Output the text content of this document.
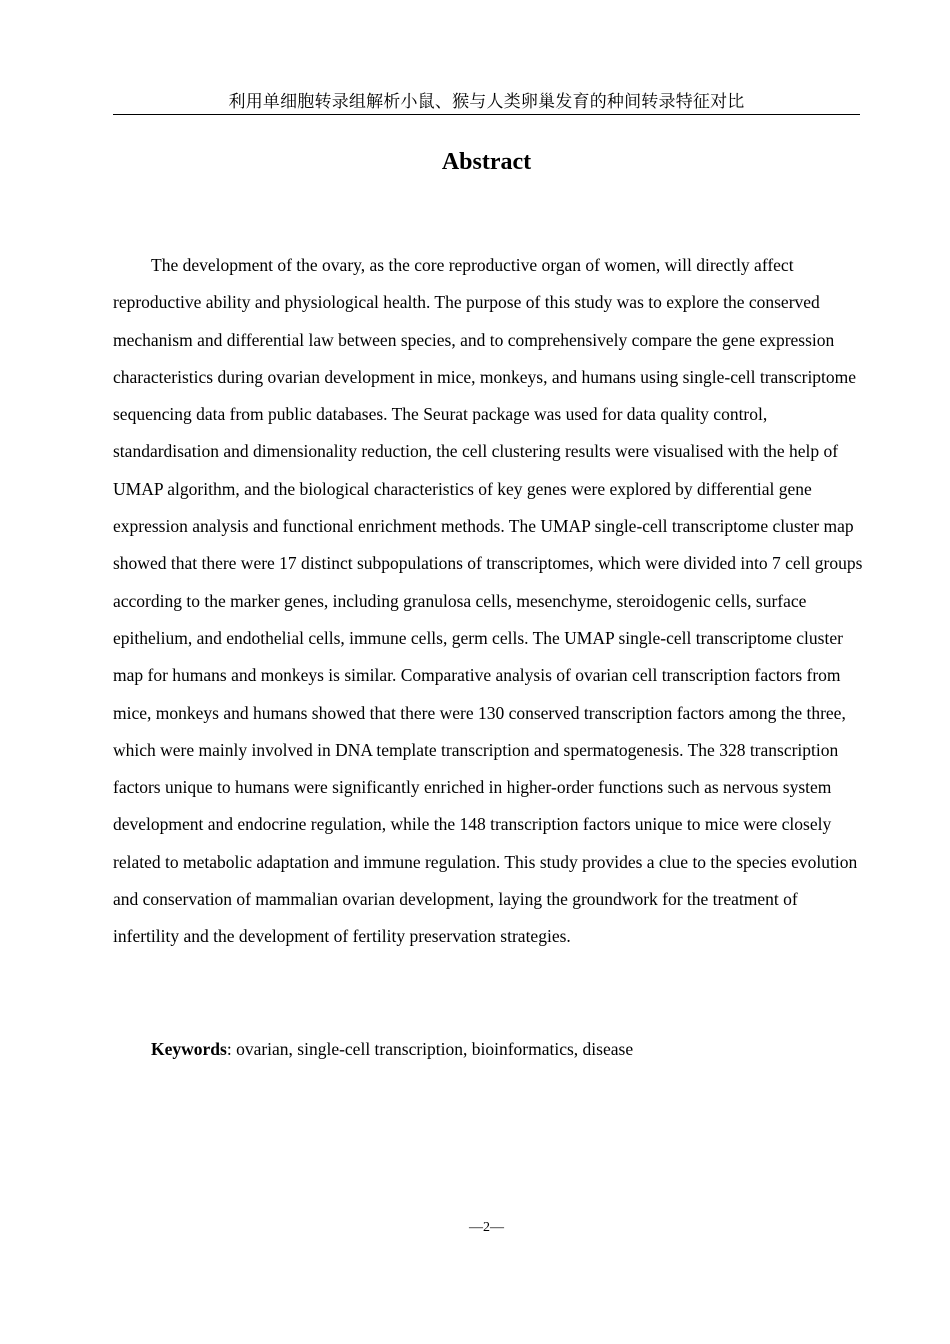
利用单细胞转录组解析小鼠、猴与人类卵巢发育的种间转录特征对比
Abstract

The development of the ovary, as the core reproductive organ of women, will directly affect reproductive ability and physiological health. The purpose of this study was to explore the conserved mechanism and differential law between species, and to comprehensively compare the gene expression characteristics during ovarian development in mice, monkeys, and humans using single-cell transcriptome sequencing data from public databases. The Seurat package was used for data quality control, standardisation and dimensionality reduction, the cell clustering results were visualised with the help of UMAP algorithm, and the biological characteristics of key genes were explored by differential gene expression analysis and functional enrichment methods. The UMAP single-cell transcriptome cluster map showed that there were 17 distinct subpopulations of transcriptomes, which were divided into 7 cell groups according to the marker genes, including granulosa cells, mesenchyme, steroidogenic cells, surface epithelium, and endothelial cells, immune cells, germ cells. The UMAP single-cell transcriptome cluster map for humans and monkeys is similar. Comparative analysis of ovarian cell transcription factors from mice, monkeys and humans showed that there were 130 conserved transcription factors among the three, which were mainly involved in DNA template transcription and spermatogenesis. The 328 transcription factors unique to humans were significantly enriched in higher-order functions such as nervous system development and endocrine regulation, while the 148 transcription factors unique to mice were closely related to metabolic adaptation and immune regulation. This study provides a clue to the species evolution and conservation of mammalian ovarian development, laying the groundwork for the treatment of infertility and the development of fertility preservation strategies.

Keywords: ovarian, single-cell transcription, bioinformatics, disease

—2—
